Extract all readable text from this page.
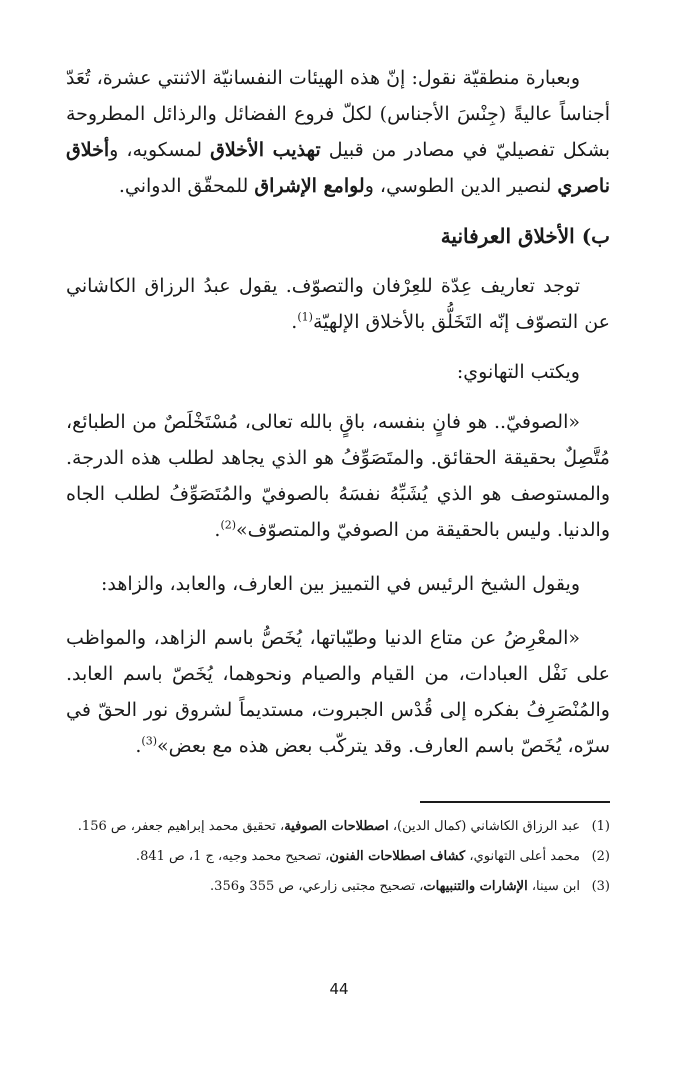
وبعبارة منطقيّة نقول: إنّ هذه الهيئات النفسانيّة الاثنتي عشرة، تُعَدّ أجناساً عاليةً (جِنْسَ الأجناس) لكلّ فروع الفضائل والرذائل المطروحة بشكل تفصيليّ في مصادر من قبيل تهذيب الأخلاق لمسكويه، وأخلاق ناصري لنصير الدين الطوسي، ولوامع الإشراق للمحقّق الدواني.

ب) الأخلاق العرفانية

توجد تعاريف عِدّة للعِرْفان والتصوّف. يقول عبدُ الرزاق الكاشاني عن التصوّف إنّه التَخَلُّق بالأخلاق الإلهيّة$^{(1)}$.

ويكتب التهانوي:

«الصوفيّ.. هو فانٍ بنفسه، باقٍ بالله تعالى، مُسْتَخْلَصٌ من الطبائع، مُتَّصِلٌ بحقيقة الحقائق. والمتَصَوِّفُ هو الذي يجاهد لطلب هذه الدرجة. والمستوصف هو الذي يُشَبِّهُ نفسَهُ بالصوفيّ والمُتَصَوِّفُ لطلب الجاه والدنيا. وليس بالحقيقة من الصوفيّ والمتصوّف»$^{(2)}$.

ويقول الشيخ الرئيس في التمييز بين العارف، والعابد، والزاهد:

«المعْرِضُ عن متاع الدنيا وطيّباتها، يُخَصُّ باسم الزاهد، والمواظب على نَفْل العبادات، من القيام والصيام ونحوهما، يُخَصّ باسم العابد. والمُنْصَرِفُ بفكره إلى قُدْس الجبروت، مستديماً لشروق نور الحقّ في سرّه، يُخَصّ باسم العارف. وقد يتركّب بعض هذه مع بعض»$^{(3)}$.

(1)
عبد الرزاق الكاشاني (كمال الدين)، اصطلاحات الصوفية، تحقيق محمد إبراهيم جعفر، ص 156.
(2)
محمد أعلى التهانوي، كشاف اصطلاحات الفنون، تصحيح محمد وجيه، ج 1، ص 841.
(3)
ابن سينا، الإشارات والتنبيهات، تصحيح مجتبى زارعي، ص 355 و356.
44
